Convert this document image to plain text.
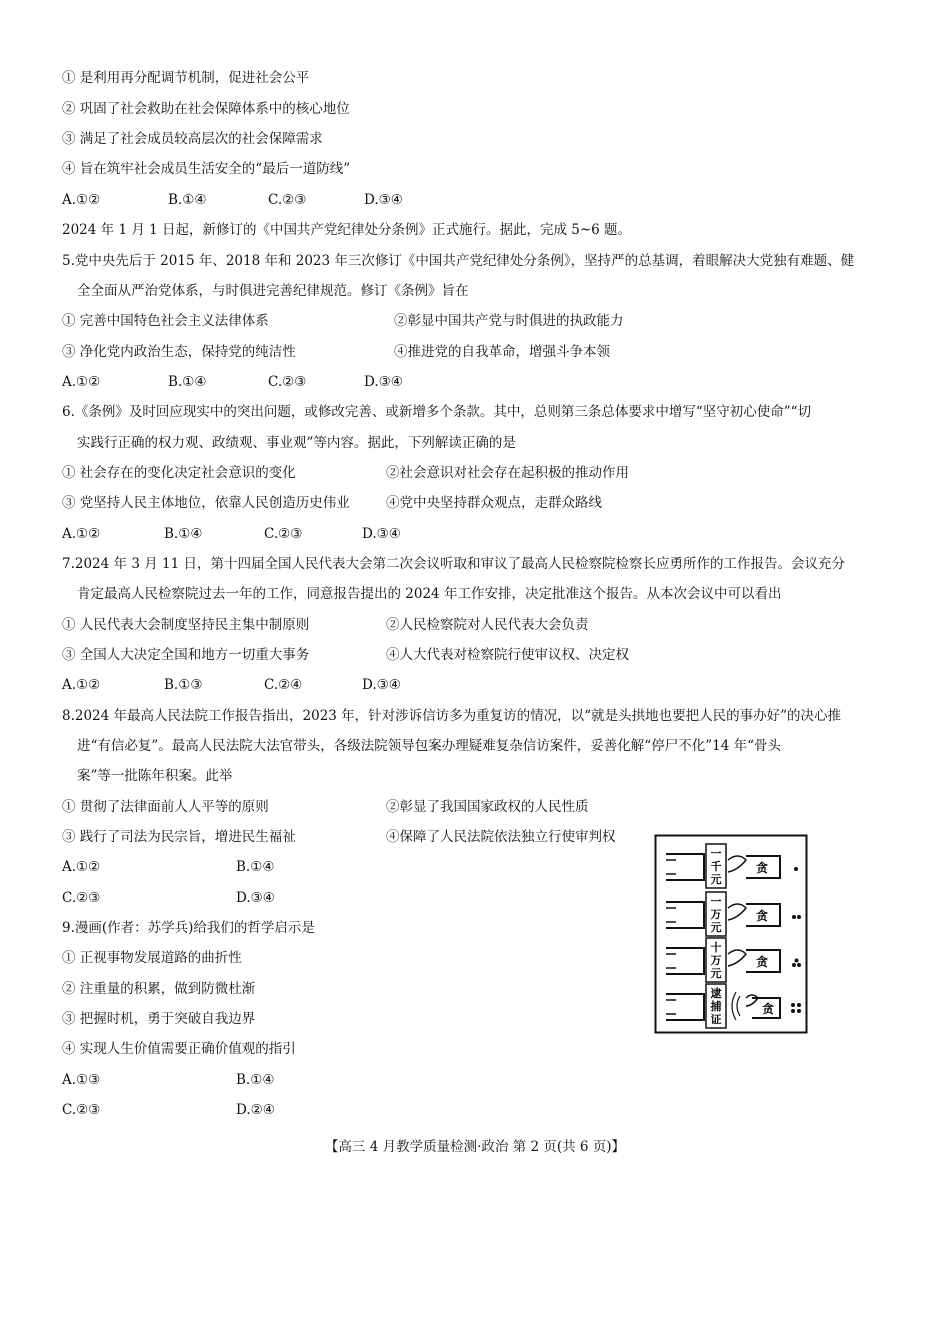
① 是利用再分配调节机制，促进社会公平
② 巩固了社会救助在社会保障体系中的核心地位
③ 满足了社会成员较高层次的社会保障需求
④ 旨在筑牢社会成员生活安全的“最后一道防线”
A.①②	B.①④	C.②③	D.③④
2024 年 1 月 1 日起，新修订的《中国共产党纪律处分条例》正式施行。据此，完成 5~6 题。
5.党中央先后于 2015 年、2018 年和 2023 年三次修订《中国共产党纪律处分条例》，坚持严的总基调，着眼解决大党独有难题、健
全全面从严治党体系，与时俱进完善纪律规范。修订《条例》旨在
① 完善中国特色社会主义法律体系	②彰显中国共产党与时俱进的执政能力
③ 净化党内政治生态，保持党的纯洁性	④推进党的自我革命，增强斗争本领
A.①②	B.①④	C.②③	D.③④
6.《条例》及时回应现实中的突出问题，或修改完善、或新增多个条款。其中，总则第三条总体要求中增写“坚守初心使命”“切
实践行正确的权力观、政绩观、事业观”等内容。据此，下列解读正确的是
① 社会存在的变化决定社会意识的变化	②社会意识对社会存在起积极的推动作用
③ 党坚持人民主体地位，依靠人民创造历史伟业	④党中央坚持群众观点，走群众路线
A.①②	B.①④	C.②③	D.③④
7.2024 年 3 月 11 日，第十四届全国人民代表大会第二次会议听取和审议了最高人民检察院检察长应勇所作的工作报告。会议充分
肯定最高人民检察院过去一年的工作，同意报告提出的 2024 年工作安排，决定批准这个报告。从本次会议中可以看出
① 人民代表大会制度坚持民主集中制原则	②人民检察院对人民代表大会负责
③ 全国人大决定全国和地方一切重大事务	④人大代表对检察院行使审议权、决定权
A.①②	B.①③	C.②④	D.③④
8.2024 年最高人民法院工作报告指出，2023 年，针对涉诉信访多为重复访的情况，以“就是头拱地也要把人民的事办好”的决心推
进“有信必复”。最高人民法院大法官带头，各级法院领导包案办理疑难复杂信访案件，妥善化解“停尸不化”14 年“骨头
案”等一批陈年积案。此举
① 贯彻了法律面前人人平等的原则	②彰显了我国国家政权的人民性质
③ 践行了司法为民宗旨，增进民生福祉	④保障了人民法院依法独立行使审判权
A.①②	B.①④
C.②③	D.③④
9.漫画(作者：苏学兵)给我们的哲学启示是
① 正视事物发展道路的曲折性
② 注重量的积累，做到防微杜渐
③ 把握时机，勇于突破自我边界
④ 实现人生价值需要正确价值观的指引
A.①③	B.①④
C.②③	D.②④
一
千
元
贪
一
万
元
贪
十
万
元
贪
逮
捕
证
贪
【高三 4 月教学质量检测·政治 第 2 页(共 6 页)】
